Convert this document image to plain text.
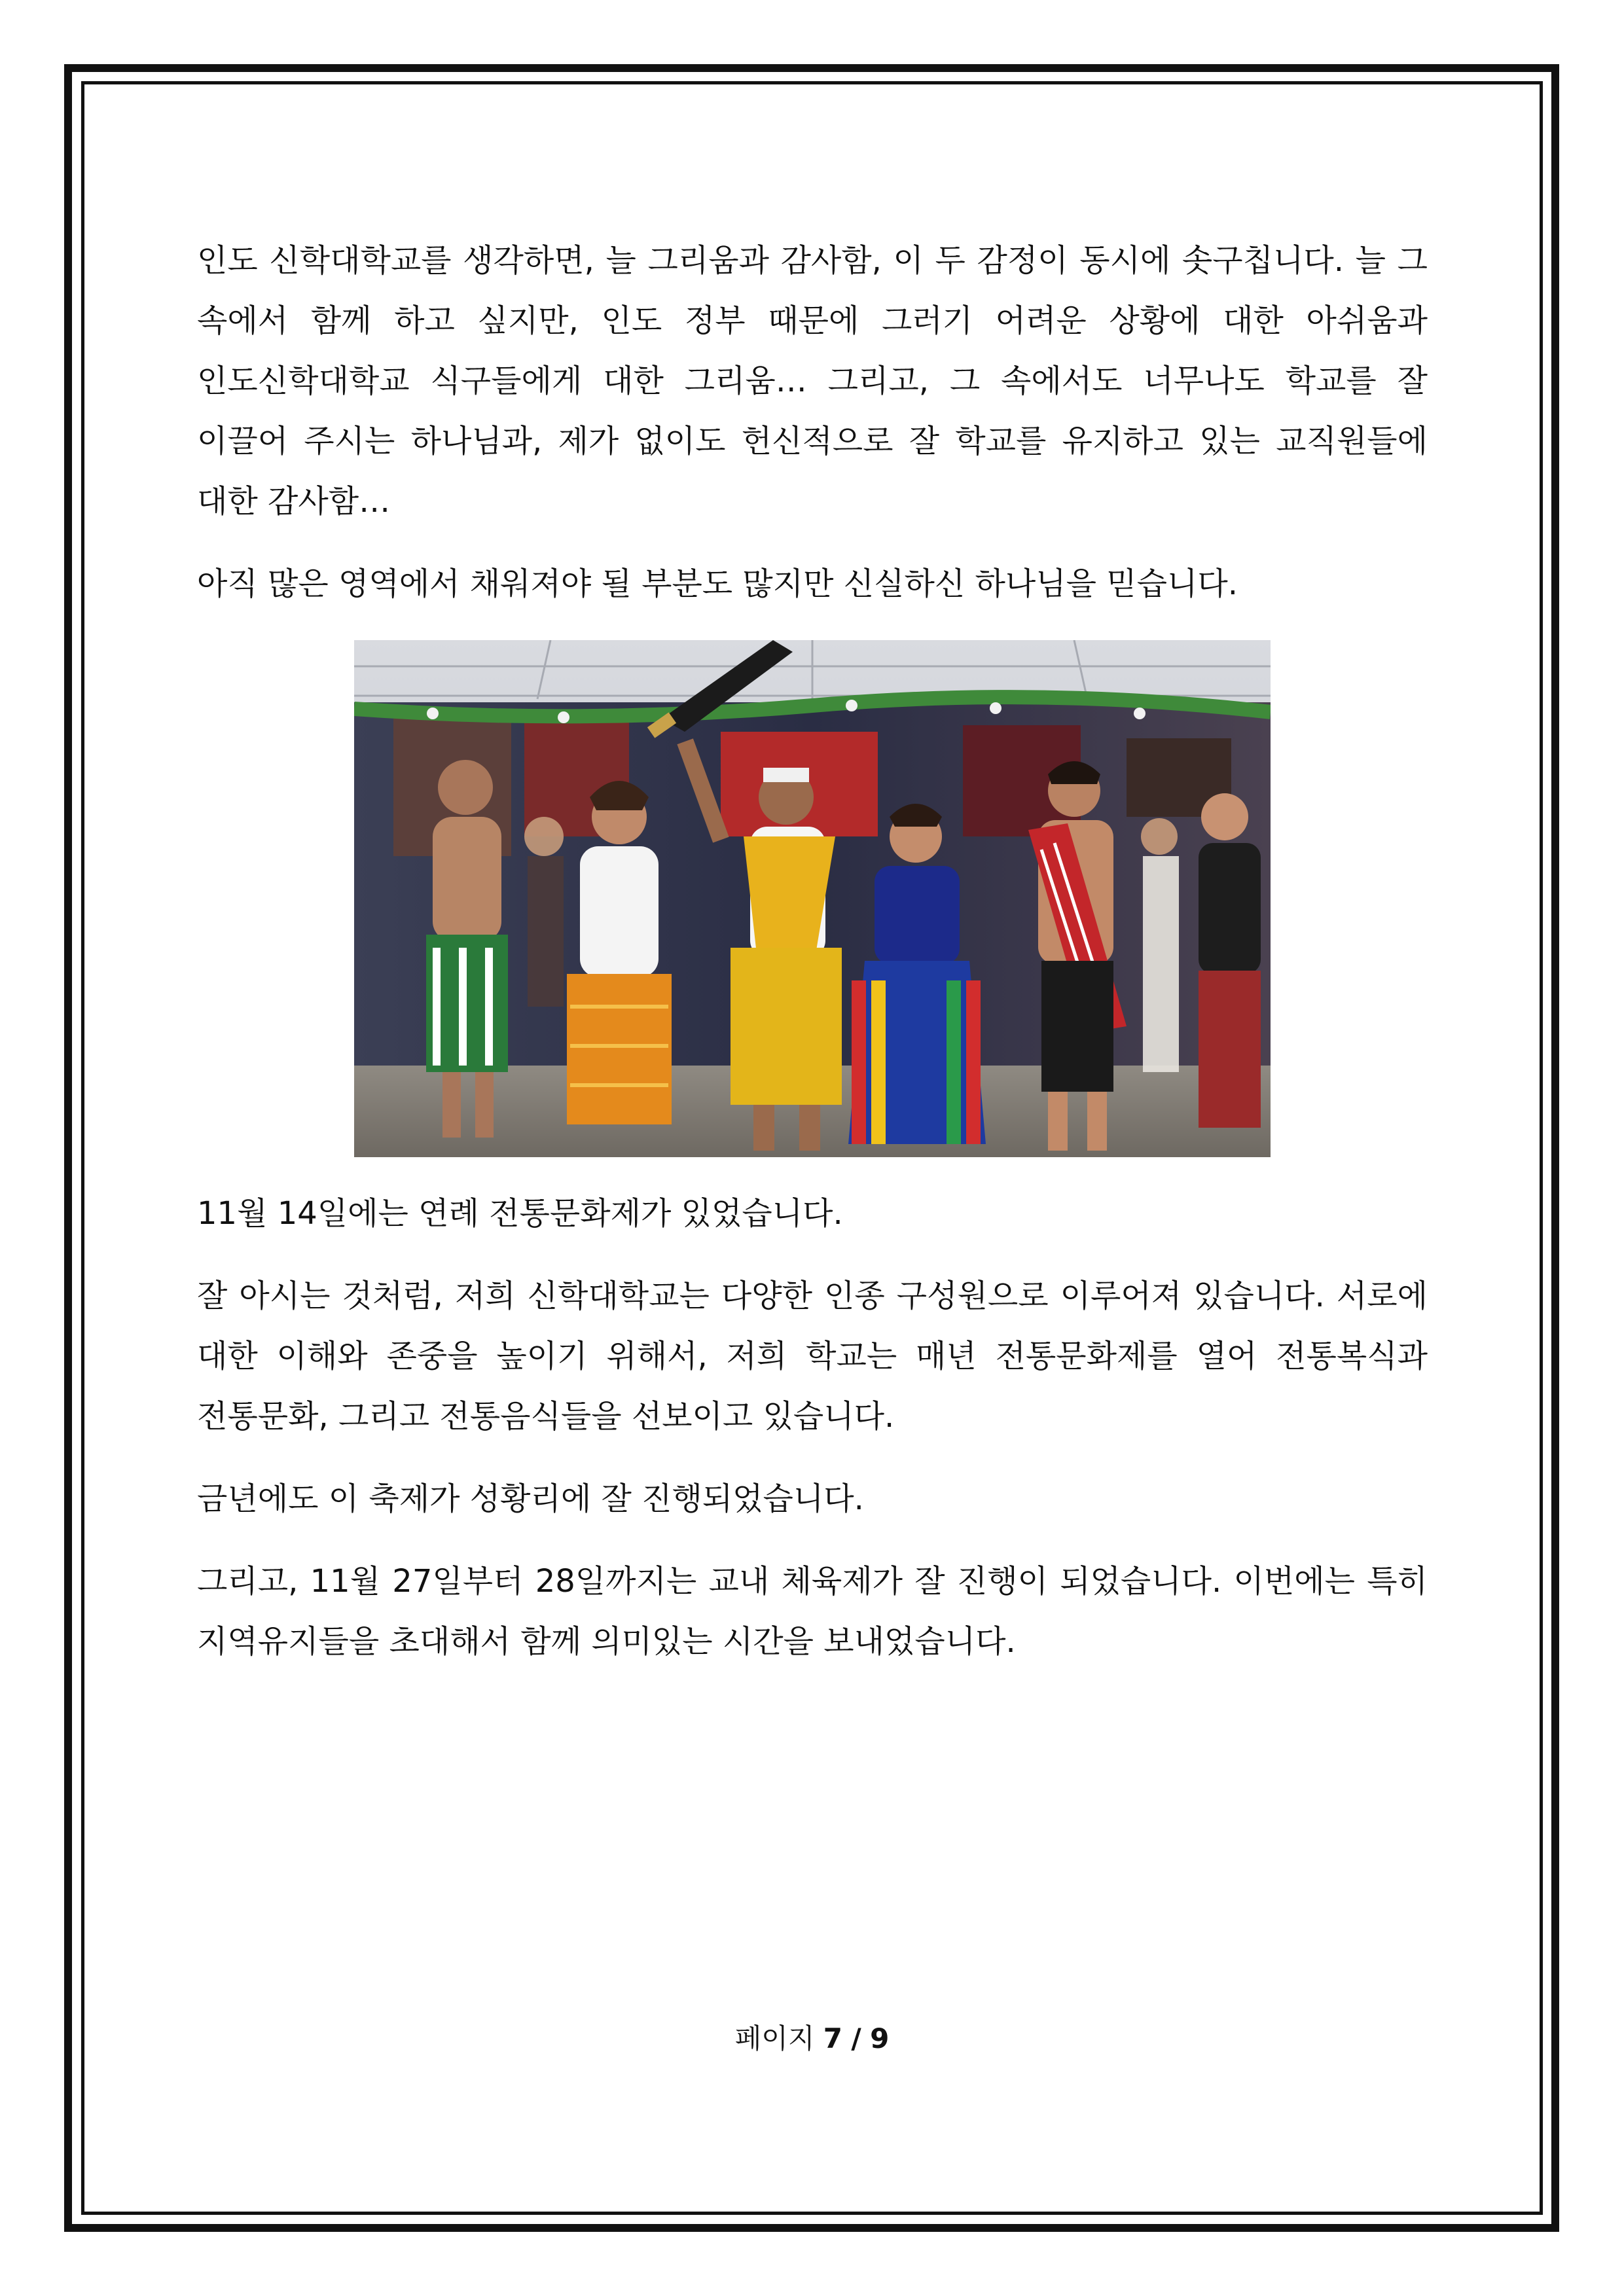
인도 신학대학교를 생각하면, 늘 그리움과 감사함, 이 두 감정이 동시에 솟구칩니다. 늘 그 속에서 함께 하고 싶지만, 인도 정부 때문에 그러기 어려운 상황에 대한 아쉬움과 인도신학대학교 식구들에게 대한 그리움… 그리고, 그 속에서도 너무나도 학교를 잘 이끌어 주시는 하나님과, 제가 없이도 헌신적으로 잘 학교를 유지하고 있는 교직원들에 대한 감사함…

아직 많은 영역에서 채워져야 될 부분도 많지만 신실하신 하나님을 믿습니다.

11월 14일에는 연례 전통문화제가 있었습니다.

잘 아시는 것처럼, 저희 신학대학교는 다양한 인종 구성원으로 이루어져 있습니다. 서로에 대한 이해와 존중을 높이기 위해서, 저희 학교는 매년 전통문화제를 열어 전통복식과 전통문화, 그리고 전통음식들을 선보이고 있습니다.

금년에도 이 축제가 성황리에 잘 진행되었습니다.

그리고, 11월 27일부터 28일까지는 교내 체육제가 잘 진행이 되었습니다. 이번에는 특히 지역유지들을 초대해서 함께 의미있는 시간을 보내었습니다.

페이지 7 / 9
